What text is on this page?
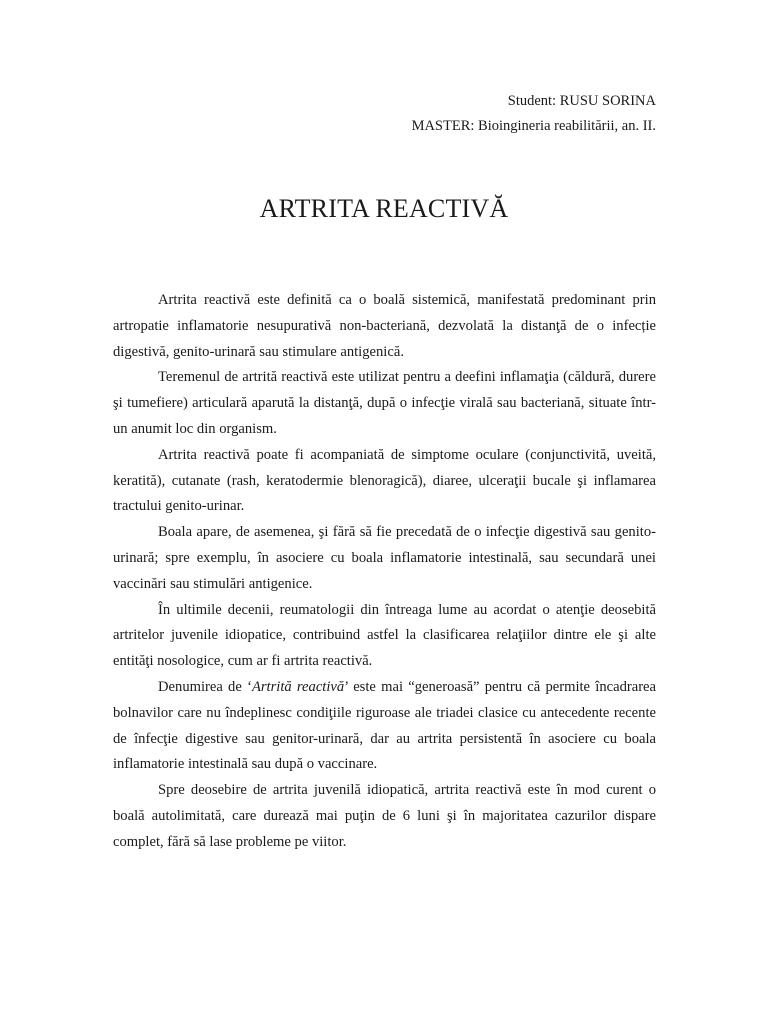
Student: RUSU SORINA
MASTER: Bioingineria reabilitării, an. II.
ARTRITA REACTIVĂ

Artrita reactivă este definită ca o boală sistemică, manifestată predominant prin artropatie inflamatorie nesupurativă non-bacteriană, dezvolată la distanţă de o infecție digestivă, genito-urinară sau stimulare antigenică.

Teremenul de artrită reactivă este utilizat pentru a deefini inflamaţia (căldură, durere şi tumefiere) articulară aparută la distanţă, după o infecţie virală sau bacteriană, situate într-un anumit loc din organism.

Artrita reactivă poate fi acompaniată de simptome oculare (conjunctivită, uveită, keratită), cutanate (rash, keratodermie blenoragică), diaree, ulceraţii bucale şi inflamarea tractului genito-urinar.

Boala apare, de asemenea, şi fără să fie precedată de o infecţie digestivă sau genito-urinară; spre exemplu, în asociere cu boala inflamatorie intestinală, sau secundară unei vaccinări sau stimulări antigenice.

În ultimile decenii, reumatologii din întreaga lume au acordat o atenţie deosebită artritelor juvenile idiopatice, contribuind astfel la clasificarea relaţiilor dintre ele şi alte entităţi nosologice, cum ar fi artrita reactivă.

Denumirea de ‘Artrită reactivă’ este mai “generoasă” pentru că permite încadrarea bolnavilor care nu îndeplinesc condiţiile riguroase ale triadei clasice cu antecedente recente de înfecţie digestive sau genitor-urinară, dar au artrita persistentă în asociere cu boala inflamatorie intestinală sau după o vaccinare.

Spre deosebire de artrita juvenilă idiopatică, artrita reactivă este în mod curent o boală autolimitată, care durează mai puţin de 6 luni şi în majoritatea cazurilor dispare complet, fără să lase probleme pe viitor.
